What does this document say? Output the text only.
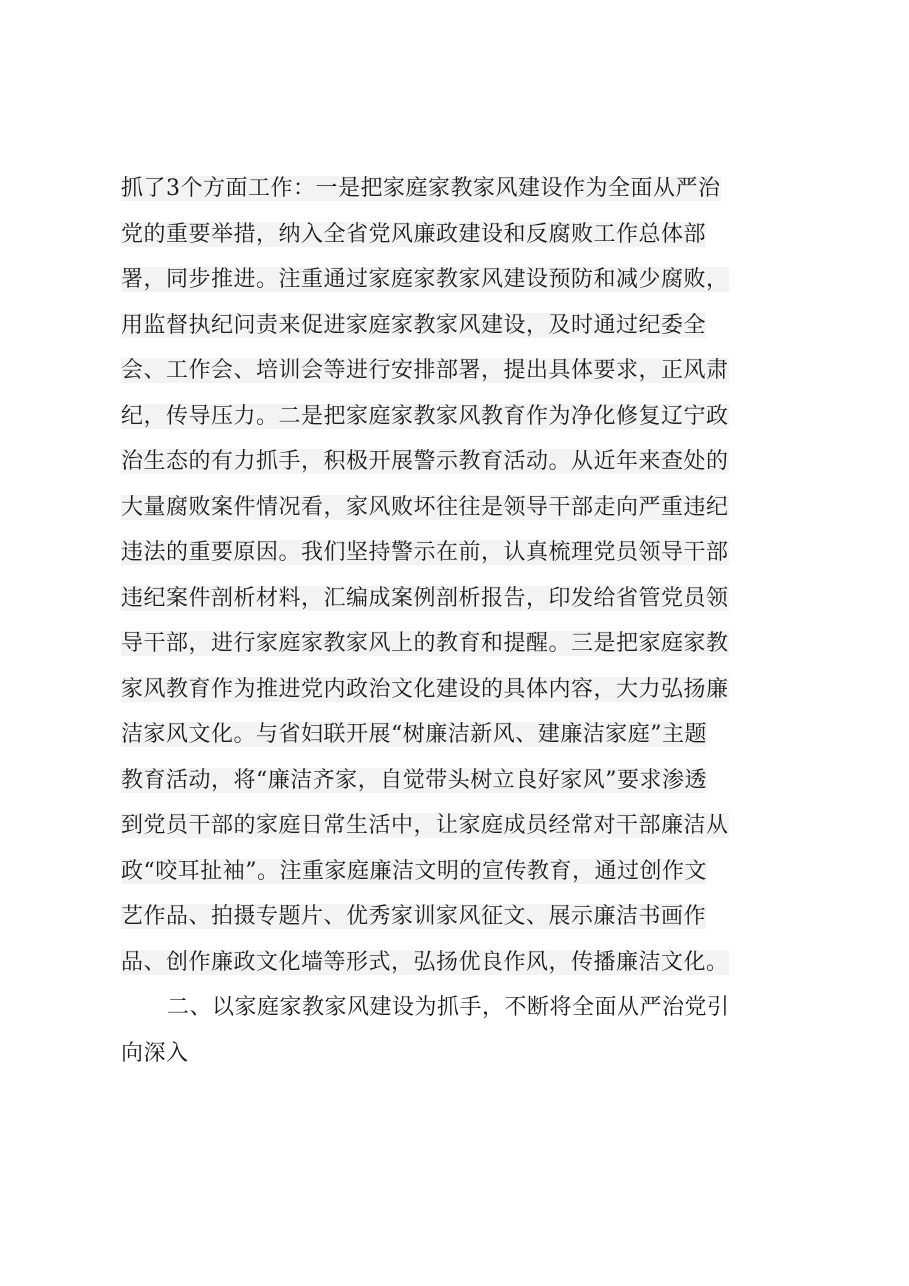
抓了3个方面工作：一是把家庭家教家风建设作为全面从严治
党的重要举措，纳入全省党风廉政建设和反腐败工作总体部
署，同步推进。注重通过家庭家教家风建设预防和减少腐败，
用监督执纪问责来促进家庭家教家风建设，及时通过纪委全
会、工作会、培训会等进行安排部署，提出具体要求，正风肃
纪，传导压力。二是把家庭家教家风教育作为净化修复辽宁政
治生态的有力抓手，积极开展警示教育活动。从近年来查处的
大量腐败案件情况看，家风败坏往往是领导干部走向严重违纪
违法的重要原因。我们坚持警示在前，认真梳理党员领导干部
违纪案件剖析材料，汇编成案例剖析报告，印发给省管党员领
导干部，进行家庭家教家风上的教育和提醒。三是把家庭家教
家风教育作为推进党内政治文化建设的具体内容，大力弘扬廉
洁家风文化。与省妇联开展“树廉洁新风、建廉洁家庭”主题
教育活动，将“廉洁齐家，自觉带头树立良好家风”要求渗透
到党员干部的家庭日常生活中，让家庭成员经常对干部廉洁从
政“咬耳扯袖”。注重家庭廉洁文明的宣传教育，通过创作文
艺作品、拍摄专题片、优秀家训家风征文、展示廉洁书画作
品、创作廉政文化墙等形式，弘扬优良作风，传播廉洁文化。
二、以家庭家教家风建设为抓手，不断将全面从严治党引
向深入
